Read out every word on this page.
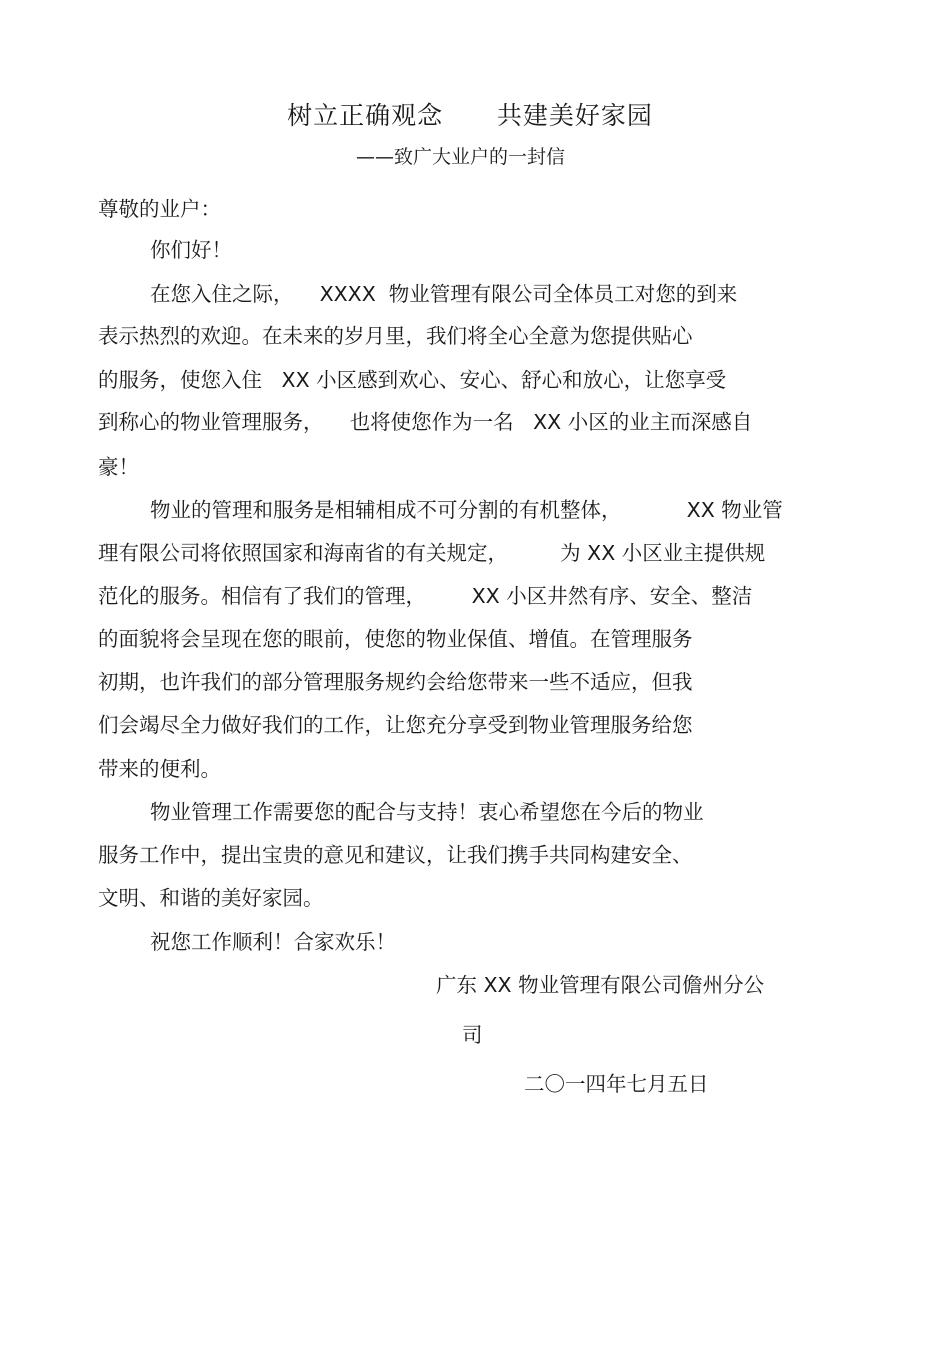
树立正确观念      共建美好家园
——致广大业户的一封信
尊敬的业户：
你们好！
在您入住之际，    XXXX  物业管理有限公司全体员工对您的到来
表示热烈的欢迎。在未来的岁月里，我们将全心全意为您提供贴心
的服务，使您入住   XX 小区感到欢心、安心、舒心和放心，让您享受
到称心的物业管理服务，    也将使您作为一名   XX 小区的业主而深感自
豪！
物业的管理和服务是相辅相成不可分割的有机整体，          XX 物业管
理有限公司将依照国家和海南省的有关规定，        为 XX 小区业主提供规
范化的服务。相信有了我们的管理，       XX 小区井然有序、安全、整洁
的面貌将会呈现在您的眼前，使您的物业保值、增值。在管理服务
初期，也许我们的部分管理服务规约会给您带来一些不适应，但我
们会竭尽全力做好我们的工作，让您充分享受到物业管理服务给您
带来的便利。
物业管理工作需要您的配合与支持！衷心希望您在今后的物业
服务工作中，提出宝贵的意见和建议，让我们携手共同构建安全、
文明、和谐的美好家园。
祝您工作顺利！合家欢乐！
广东 XX 物业管理有限公司儋州分公
司
二〇一四年七月五日
